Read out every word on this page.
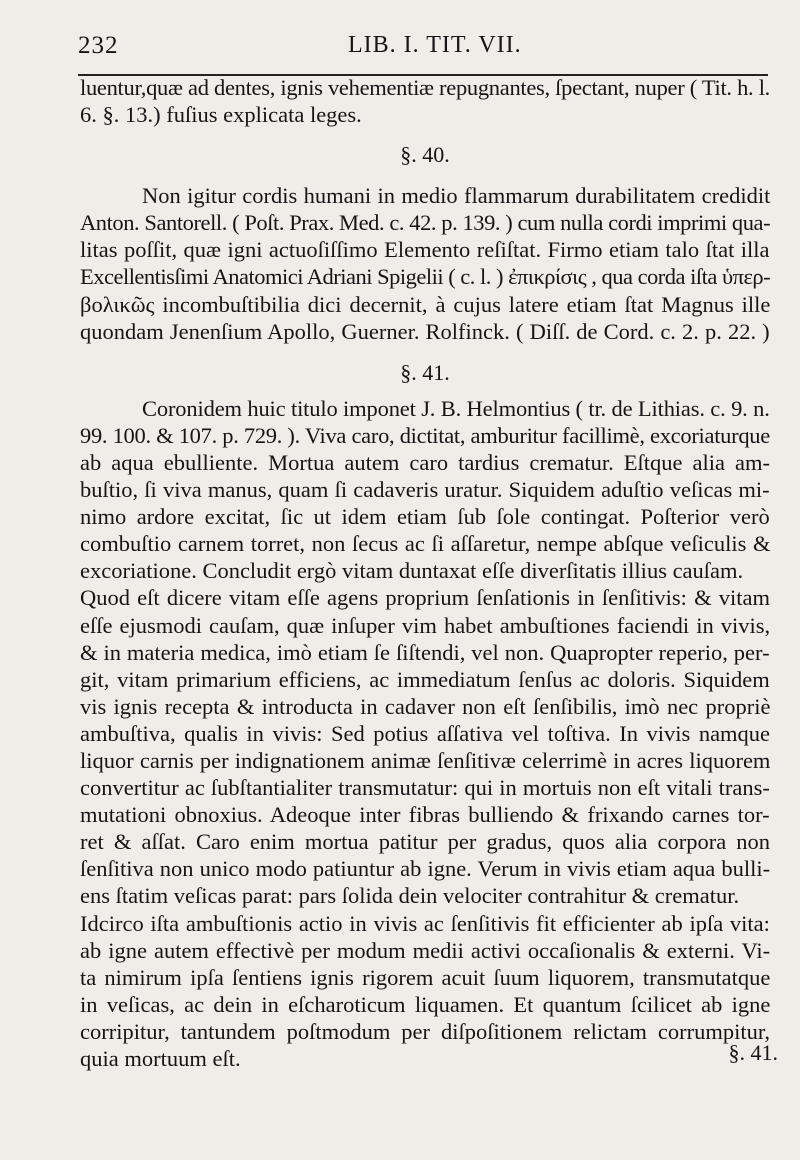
232	LIB. I. TIT. VII.
luentur,quæ ad dentes, ignis vehementiæ repugnantes, ſpectant, nuper ( Tit. h. l.
6. §. 13.) fuſius explicata leges.
§. 40.
Non igitur cordis humani in medio flammarum durabilitatem credidit
Anton. Santorell. ( Poſt. Prax. Med. c. 42. p. 139. ) cum nulla cordi imprimi qua-
litas poſſit, quæ igni actuoſiſſimo Elemento reſiſtat. Firmo etiam talo ſtat illa
Excellentisſimi Anatomici Adriani Spigelii ( c. l. ) ἐπικρίσις , qua corda iſta ὑπερ-
βολικῶς incombuſtibilia dici decernit, à cujus latere etiam ſtat Magnus ille
quondam Jenenſium Apollo, Guerner. Rolfinck. ( Diſſ. de Cord. c. 2. p. 22. )
§. 41.
Coronidem huic titulo imponet J. B. Helmontius ( tr. de Lithias. c. 9. n.
99. 100. & 107. p. 729. ). Viva caro, dictitat, amburitur facillimè, excoriaturque
ab aqua ebulliente. Mortua autem caro tardius crematur. Eſtque alia am-
buſtio, ſi viva manus, quam ſi cadaveris uratur. Siquidem aduſtio veſicas mi-
nimo ardore excitat, ſic ut idem etiam ſub ſole contingat. Poſterior verò
combuſtio carnem torret, non ſecus ac ſi aſſaretur, nempe abſque veſiculis &
excoriatione. Concludit ergò vitam duntaxat eſſe diverſitatis illius cauſam.
Quod eſt dicere vitam eſſe agens proprium ſenſationis in ſenſitivis: & vitam
eſſe ejusmodi cauſam, quæ inſuper vim habet ambuſtiones faciendi in vivis,
& in materia medica, imò etiam ſe ſiſtendi, vel non. Quapropter reperio, per-
git, vitam primarium efficiens, ac immediatum ſenſus ac doloris. Siquidem
vis ignis recepta & introducta in cadaver non eſt ſenſibilis, imò nec propriè
ambuſtiva, qualis in vivis: Sed potius aſſativa vel toſtiva. In vivis namque
liquor carnis per indignationem animæ ſenſitivæ celerrimè in acres liquorem
convertitur ac ſubſtantialiter transmutatur: qui in mortuis non eſt vitali trans-
mutationi obnoxius. Adeoque inter fibras bulliendo & frixando carnes tor-
ret & aſſat. Caro enim mortua patitur per gradus, quos alia corpora non
ſenſitiva non unico modo patiuntur ab igne. Verum in vivis etiam aqua bulli-
ens ſtatim veſicas parat: pars ſolida dein velociter contrahitur & crematur.
Idcirco iſta ambuſtionis actio in vivis ac ſenſitivis fit efficienter ab ipſa vita:
ab igne autem effectivè per modum medii activi occaſionalis & externi. Vi-
ta nimirum ipſa ſentiens ignis rigorem acuit ſuum liquorem, transmutatque
in veſicas, ac dein in eſcharoticum liquamen. Et quantum ſcilicet ab igne
corripitur, tantundem poſtmodum per diſpoſitionem relictam corrumpitur,
quia mortuum eſt.	§. 41.
